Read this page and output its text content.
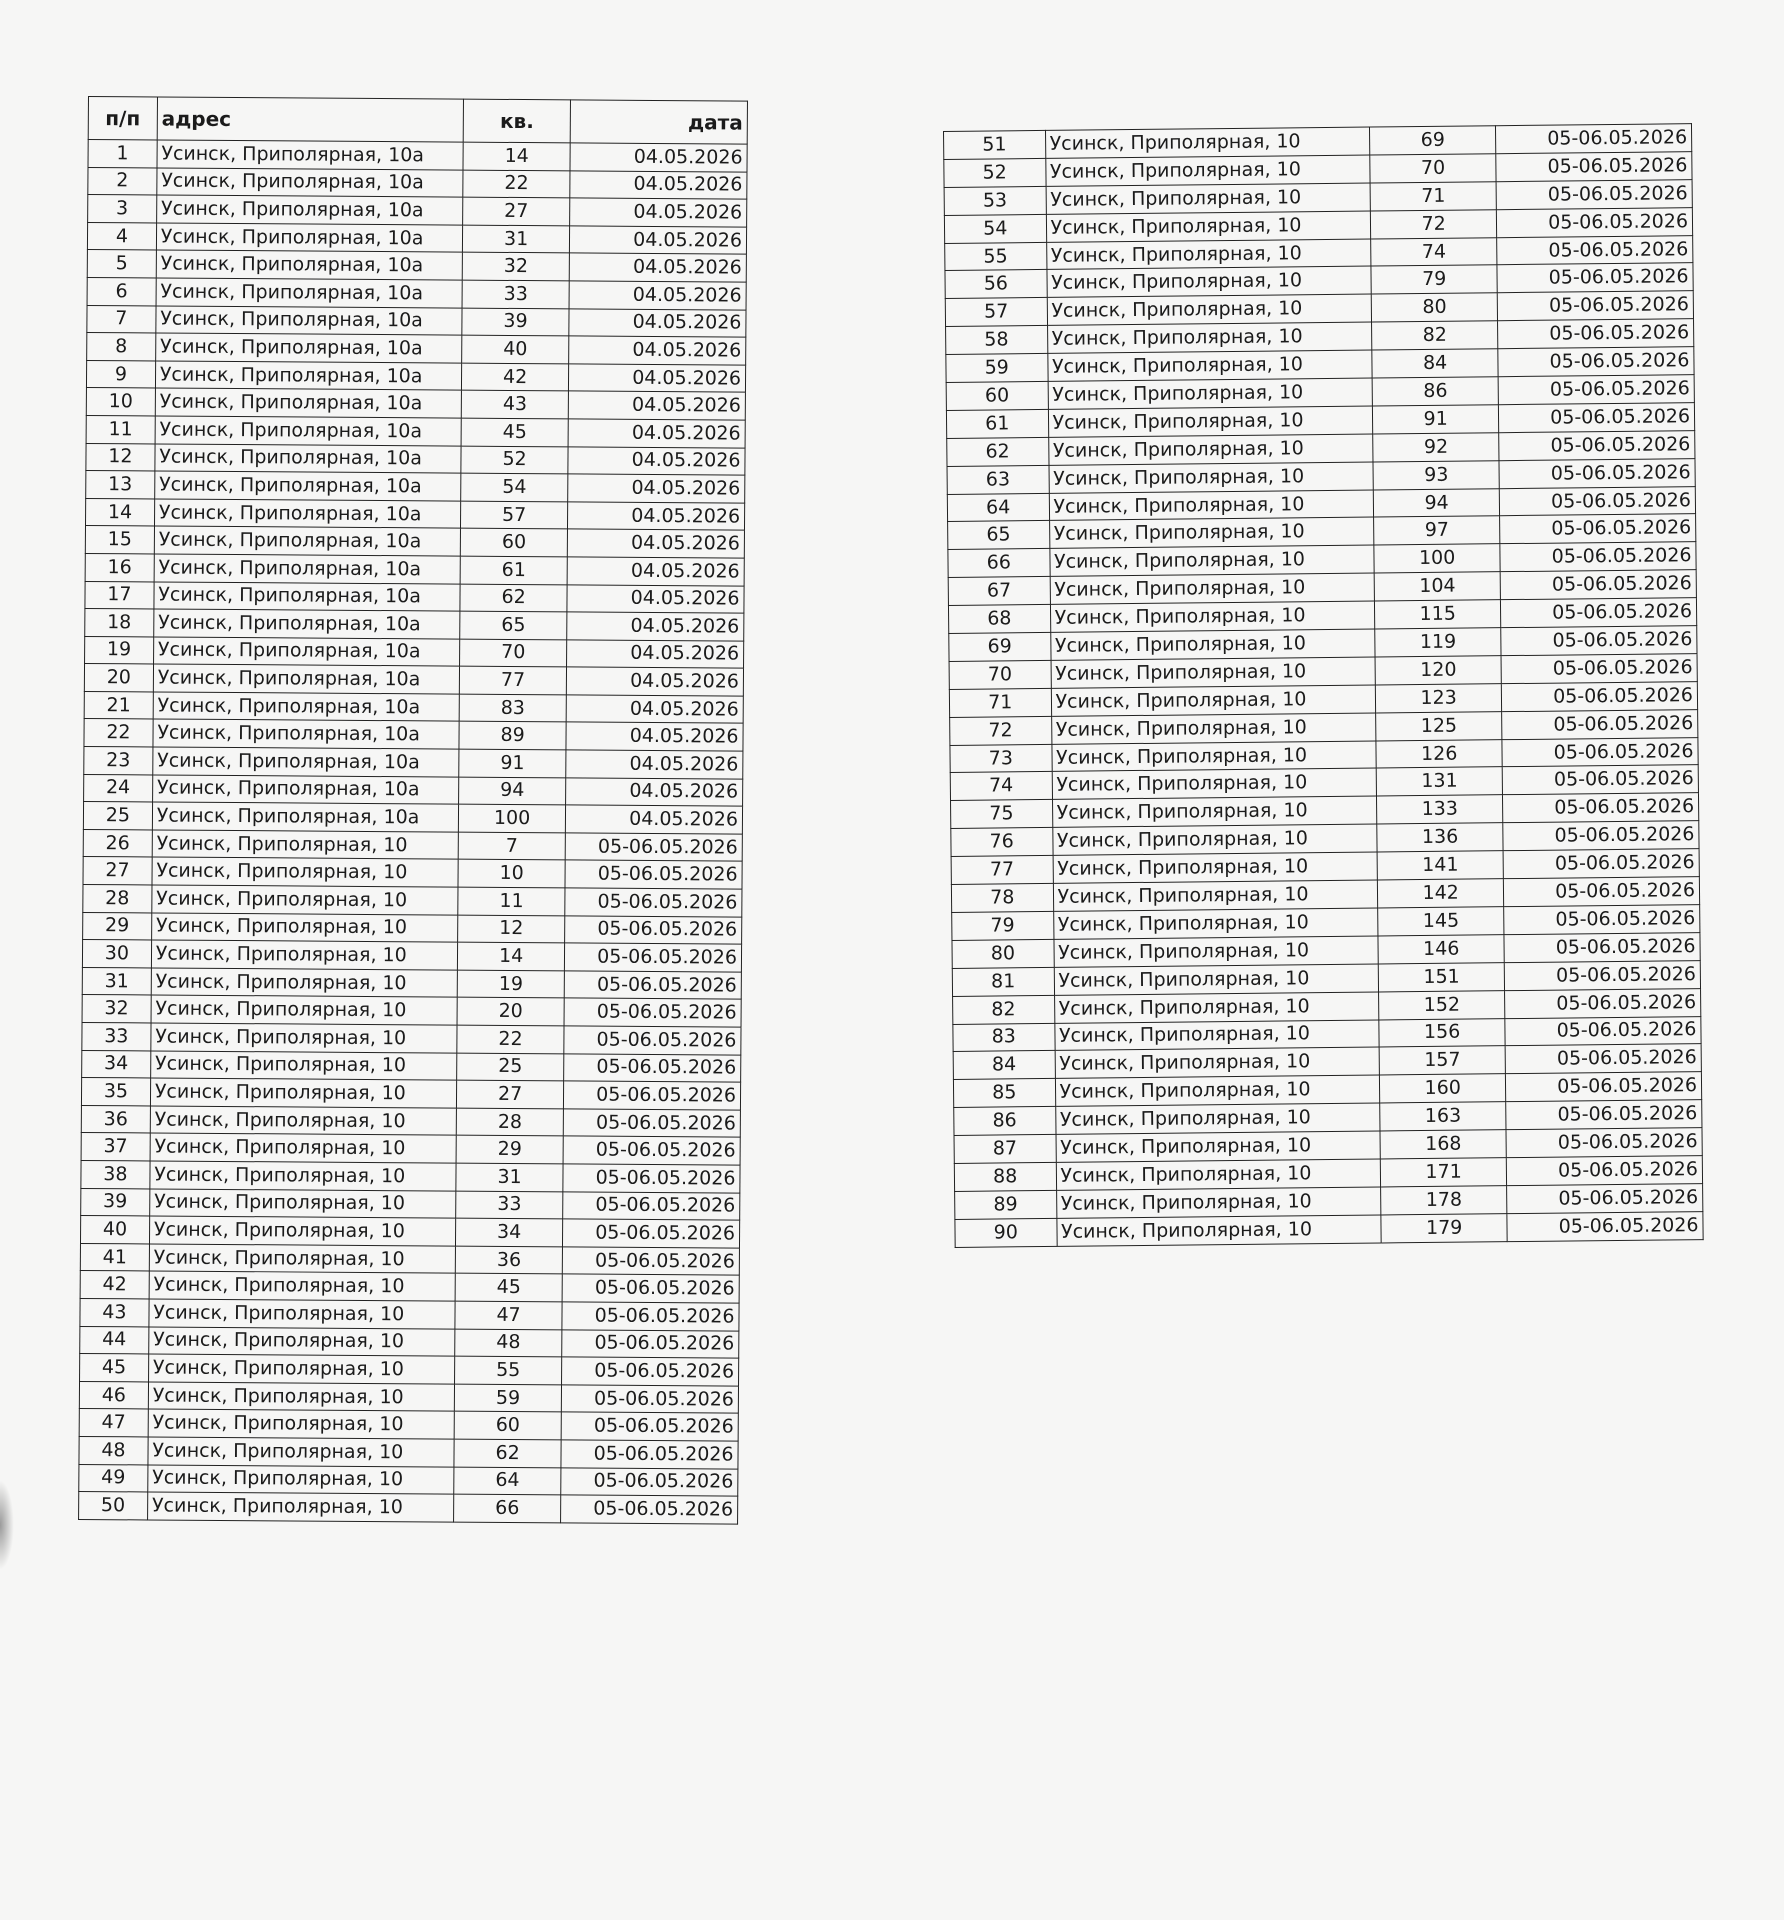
п/п	адрес	кв.	дата
1	Усинск, Приполярная, 10а	14	04.05.2026
2	Усинск, Приполярная, 10а	22	04.05.2026
3	Усинск, Приполярная, 10а	27	04.05.2026
4	Усинск, Приполярная, 10а	31	04.05.2026
5	Усинск, Приполярная, 10а	32	04.05.2026
6	Усинск, Приполярная, 10а	33	04.05.2026
7	Усинск, Приполярная, 10а	39	04.05.2026
8	Усинск, Приполярная, 10а	40	04.05.2026
9	Усинск, Приполярная, 10а	42	04.05.2026
10	Усинск, Приполярная, 10а	43	04.05.2026
11	Усинск, Приполярная, 10а	45	04.05.2026
12	Усинск, Приполярная, 10а	52	04.05.2026
13	Усинск, Приполярная, 10а	54	04.05.2026
14	Усинск, Приполярная, 10а	57	04.05.2026
15	Усинск, Приполярная, 10а	60	04.05.2026
16	Усинск, Приполярная, 10а	61	04.05.2026
17	Усинск, Приполярная, 10а	62	04.05.2026
18	Усинск, Приполярная, 10а	65	04.05.2026
19	Усинск, Приполярная, 10а	70	04.05.2026
20	Усинск, Приполярная, 10а	77	04.05.2026
21	Усинск, Приполярная, 10а	83	04.05.2026
22	Усинск, Приполярная, 10а	89	04.05.2026
23	Усинск, Приполярная, 10а	91	04.05.2026
24	Усинск, Приполярная, 10а	94	04.05.2026
25	Усинск, Приполярная, 10а	100	04.05.2026
26	Усинск, Приполярная, 10	7	05-06.05.2026
27	Усинск, Приполярная, 10	10	05-06.05.2026
28	Усинск, Приполярная, 10	11	05-06.05.2026
29	Усинск, Приполярная, 10	12	05-06.05.2026
30	Усинск, Приполярная, 10	14	05-06.05.2026
31	Усинск, Приполярная, 10	19	05-06.05.2026
32	Усинск, Приполярная, 10	20	05-06.05.2026
33	Усинск, Приполярная, 10	22	05-06.05.2026
34	Усинск, Приполярная, 10	25	05-06.05.2026
35	Усинск, Приполярная, 10	27	05-06.05.2026
36	Усинск, Приполярная, 10	28	05-06.05.2026
37	Усинск, Приполярная, 10	29	05-06.05.2026
38	Усинск, Приполярная, 10	31	05-06.05.2026
39	Усинск, Приполярная, 10	33	05-06.05.2026
40	Усинск, Приполярная, 10	34	05-06.05.2026
41	Усинск, Приполярная, 10	36	05-06.05.2026
42	Усинск, Приполярная, 10	45	05-06.05.2026
43	Усинск, Приполярная, 10	47	05-06.05.2026
44	Усинск, Приполярная, 10	48	05-06.05.2026
45	Усинск, Приполярная, 10	55	05-06.05.2026
46	Усинск, Приполярная, 10	59	05-06.05.2026
47	Усинск, Приполярная, 10	60	05-06.05.2026
48	Усинск, Приполярная, 10	62	05-06.05.2026
49	Усинск, Приполярная, 10	64	05-06.05.2026
50	Усинск, Приполярная, 10	66	05-06.05.2026
51	Усинск, Приполярная, 10	69	05-06.05.2026
52	Усинск, Приполярная, 10	70	05-06.05.2026
53	Усинск, Приполярная, 10	71	05-06.05.2026
54	Усинск, Приполярная, 10	72	05-06.05.2026
55	Усинск, Приполярная, 10	74	05-06.05.2026
56	Усинск, Приполярная, 10	79	05-06.05.2026
57	Усинск, Приполярная, 10	80	05-06.05.2026
58	Усинск, Приполярная, 10	82	05-06.05.2026
59	Усинск, Приполярная, 10	84	05-06.05.2026
60	Усинск, Приполярная, 10	86	05-06.05.2026
61	Усинск, Приполярная, 10	91	05-06.05.2026
62	Усинск, Приполярная, 10	92	05-06.05.2026
63	Усинск, Приполярная, 10	93	05-06.05.2026
64	Усинск, Приполярная, 10	94	05-06.05.2026
65	Усинск, Приполярная, 10	97	05-06.05.2026
66	Усинск, Приполярная, 10	100	05-06.05.2026
67	Усинск, Приполярная, 10	104	05-06.05.2026
68	Усинск, Приполярная, 10	115	05-06.05.2026
69	Усинск, Приполярная, 10	119	05-06.05.2026
70	Усинск, Приполярная, 10	120	05-06.05.2026
71	Усинск, Приполярная, 10	123	05-06.05.2026
72	Усинск, Приполярная, 10	125	05-06.05.2026
73	Усинск, Приполярная, 10	126	05-06.05.2026
74	Усинск, Приполярная, 10	131	05-06.05.2026
75	Усинск, Приполярная, 10	133	05-06.05.2026
76	Усинск, Приполярная, 10	136	05-06.05.2026
77	Усинск, Приполярная, 10	141	05-06.05.2026
78	Усинск, Приполярная, 10	142	05-06.05.2026
79	Усинск, Приполярная, 10	145	05-06.05.2026
80	Усинск, Приполярная, 10	146	05-06.05.2026
81	Усинск, Приполярная, 10	151	05-06.05.2026
82	Усинск, Приполярная, 10	152	05-06.05.2026
83	Усинск, Приполярная, 10	156	05-06.05.2026
84	Усинск, Приполярная, 10	157	05-06.05.2026
85	Усинск, Приполярная, 10	160	05-06.05.2026
86	Усинск, Приполярная, 10	163	05-06.05.2026
87	Усинск, Приполярная, 10	168	05-06.05.2026
88	Усинск, Приполярная, 10	171	05-06.05.2026
89	Усинск, Приполярная, 10	178	05-06.05.2026
90	Усинск, Приполярная, 10	179	05-06.05.2026
